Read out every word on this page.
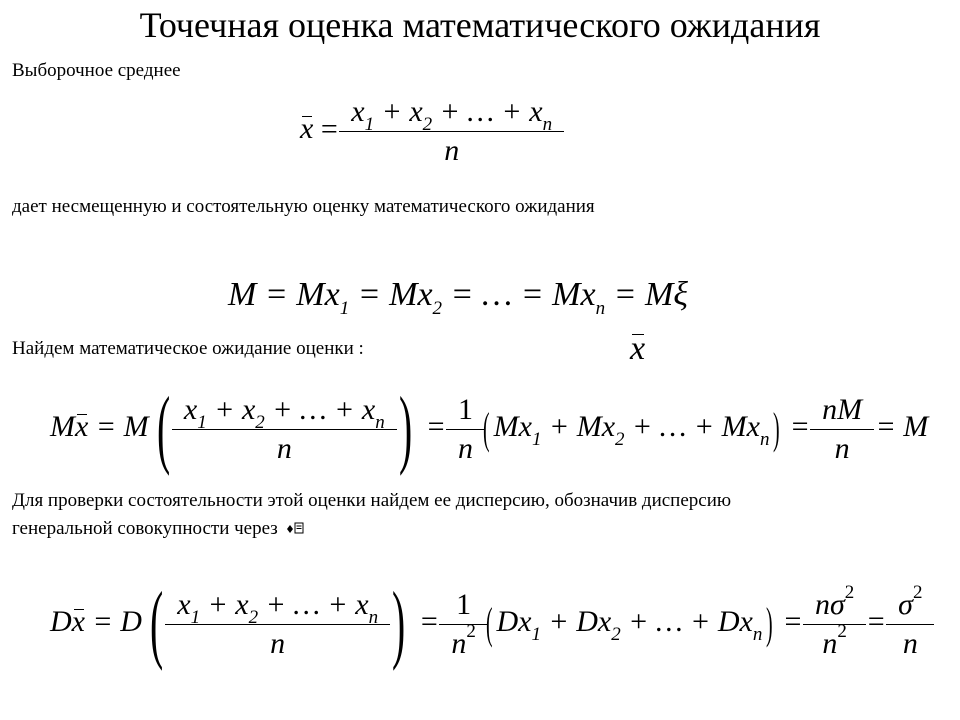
Точечная оценка математического ожидания
Выборочное среднее
$x = \frac{x_1 + x_2 + \dots + x_n}{n}$
дает несмещенную и состоятельную оценку математического ожидания
$M = Mx_1 = Mx_2$ = … = $Mx_n = M\xi$
Найдем математическое ожидание оценки :	x
$Mx = M( \frac{x_1 + x_2 + \dots + x_n}{n}$ ) = $\frac{1}{n}$ ( $Mx_1 + Mx_2$ + … + $Mx_n) = \frac{nM}{n} = M$
Для проверки состоятельности этой оценки найдем ее дисперсию, обозначив дисперсию
генеральной совокупности через
$Dx = D( \frac{x_1 + x_2 + \dots + x_n}{n}$ ) = $\frac{1}{n^2}$ ( $Dx_1 + Dx_2$ + … + $Dx_n) = \frac{n\sigma^2}{n^2} = \frac{\sigma^2}{n}$
